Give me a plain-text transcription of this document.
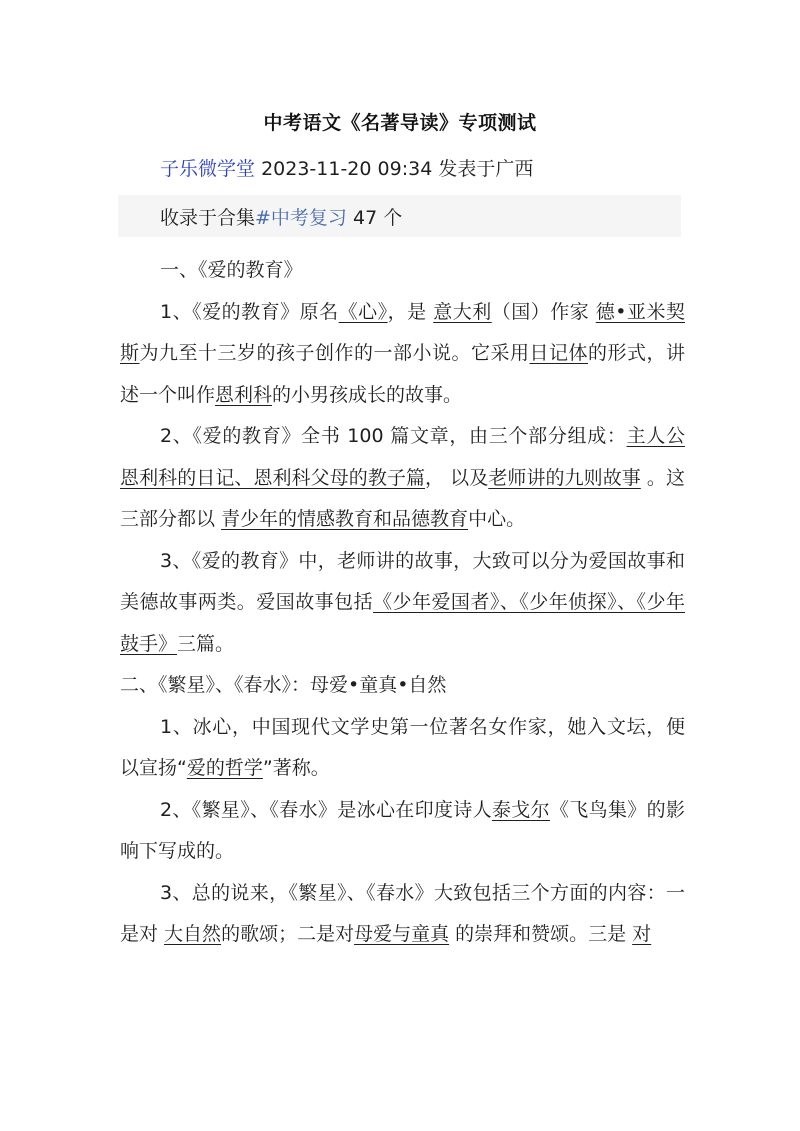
中考语文《名著导读》专项测试
子乐微学堂 2023-11-20 09:34 发表于广西
收录于合集#中考复习 47 个

一、《爱的教育》

1、《爱的教育》原名《心》，是 意大利（国）作家 德•亚米契斯为九至十三岁的孩子创作的一部小说。它采用日记体的形式，讲述一个叫作恩利科的小男孩成长的故事。

2、《爱的教育》全书 100 篇文章，由三个部分组成：主人公恩利科的日记、恩利科父母的教子篇， 以及老师讲的九则故事 。这三部分都以 青少年的情感教育和品德教育中心。

3、《爱的教育》中，老师讲的故事，大致可以分为爱国故事和美德故事两类。爱国故事包括《少年爱国者》、《少年侦探》、《少年鼓手》三篇。

二、《繁星》、《春水》：母爱•童真•自然

1、冰心，中国现代文学史第一位著名女作家，她入文坛，便以宣扬“爱的哲学”著称。

2、《繁星》、《春水》是冰心在印度诗人泰戈尔《飞鸟集》的影响下写成的。

3、总的说来，《繁星》、《春水》大致包括三个方面的内容：一是对 大自然的歌颂；二是对母爱与童真 的崇拜和赞颂。三是 对
